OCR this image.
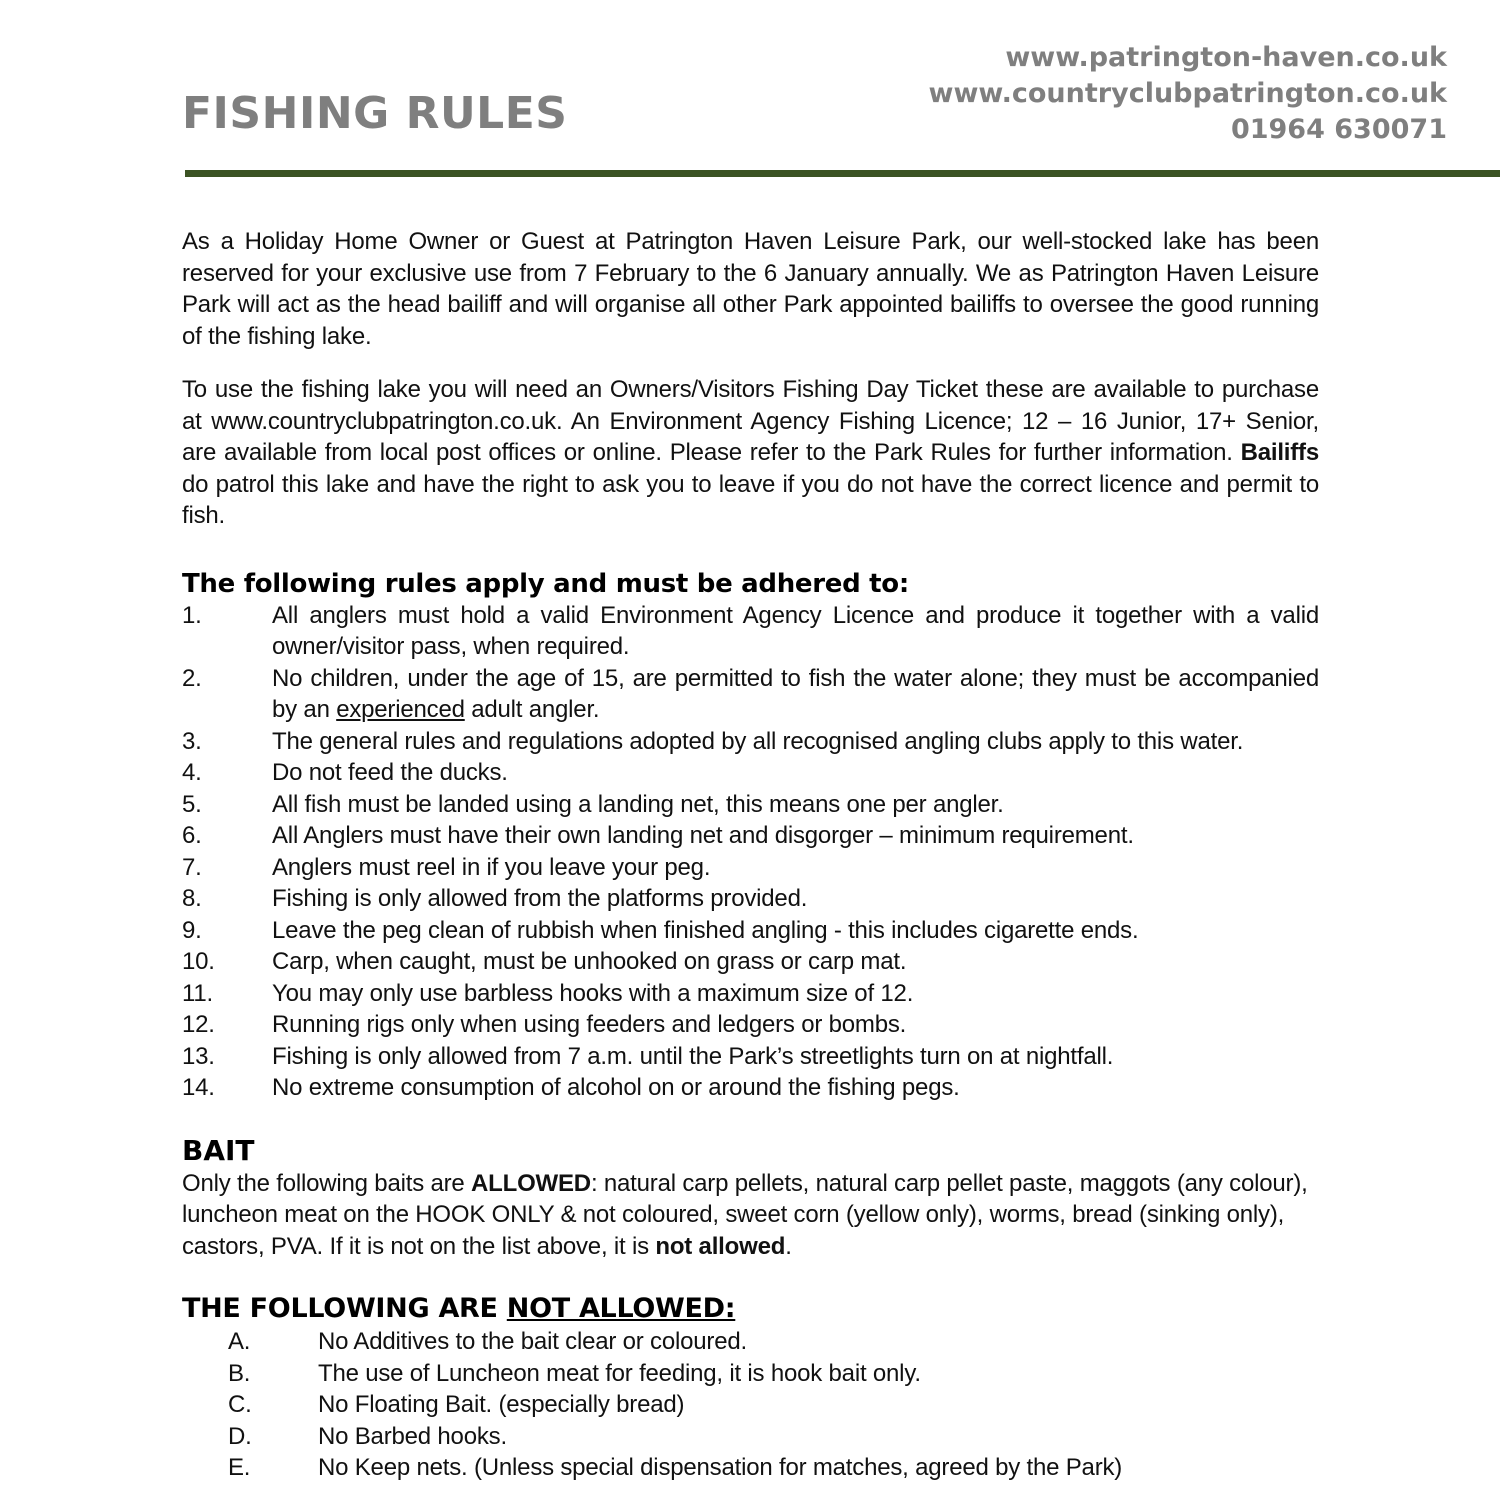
FISHING RULES
www.patrington-haven.co.uk
www.countryclubpatrington.co.uk
01964 630071

As a Holiday Home Owner or Guest at Patrington Haven Leisure Park, our well-stocked lake has been reserved for your exclusive use from 7 February to the 6 January annually. We as Patrington Haven Leisure Park will act as the head bailiff and will organise all other Park appointed bailiffs to oversee the good running of the fishing lake.

To use the fishing lake you will need an Owners/Visitors Fishing Day Ticket these are available to purchase at www.countryclubpatrington.co.uk. An Environment Agency Fishing Licence; 12 – 16 Junior, 17+ Senior, are available from local post offices or online. Please refer to the Park Rules for further information. Bailiffs do patrol this lake and have the right to ask you to leave if you do not have the correct licence and permit to fish.

The following rules apply and must be adhered to:
1.	All anglers must hold a valid Environment Agency Licence and produce it together with a valid owner/visitor pass, when required.
2.	No children, under the age of 15, are permitted to fish the water alone; they must be accompanied by an experienced adult angler.
3.	The general rules and regulations adopted by all recognised angling clubs apply to this water.
4.	Do not feed the ducks.
5.	All fish must be landed using a landing net, this means one per angler.
6.	All Anglers must have their own landing net and disgorger – minimum requirement.
7.	Anglers must reel in if you leave your peg.
8.	Fishing is only allowed from the platforms provided.
9.	Leave the peg clean of rubbish when finished angling - this includes cigarette ends.
10. Carp, when caught, must be unhooked on grass or carp mat.
11. You may only use barbless hooks with a maximum size of 12.
12. Running rigs only when using feeders and ledgers or bombs.
13. Fishing is only allowed from 7 a.m. until the Park’s streetlights turn on at nightfall.
14. No extreme consumption of alcohol on or around the fishing pegs.
BAIT

Only the following baits are ALLOWED: natural carp pellets, natural carp pellet paste, maggots (any colour), luncheon meat on the HOOK ONLY & not coloured, sweet corn (yellow only), worms, bread (sinking only), castors, PVA. If it is not on the list above, it is not allowed.

THE FOLLOWING ARE NOT ALLOWED:
A.	No Additives to the bait clear or coloured.
B.	The use of Luncheon meat for feeding, it is hook bait only.
C.	No Floating Bait. (especially bread)
D.	No Barbed hooks.
E.	No Keep nets. (Unless special dispensation for matches, agreed by the Park)
